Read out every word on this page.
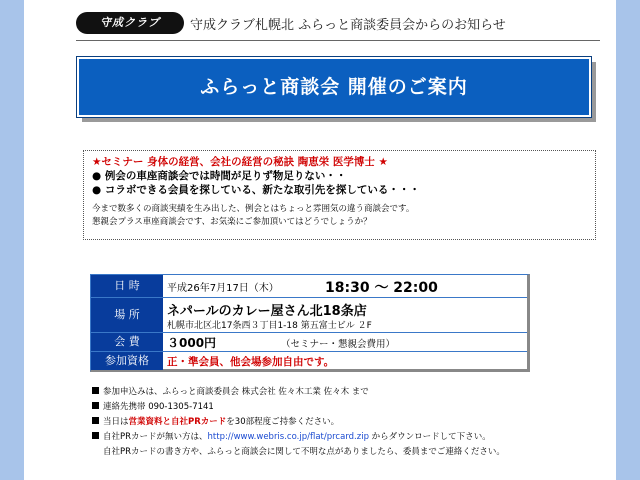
守成クラブ	守成クラブ札幌北 ふらっと商談委員会からのお知らせ
ふらっと商談会 開催のご案内
★セミナー 身体の経営、会社の経営の秘訣 陶恵栄 医学博士 ★
● 例会の車座商談会では時間が足りず物足りない・・
● コラボできる会員を探している、新たな取引先を探している・・・
今まで数多くの商談実績を生み出した、例会とはちょっと雰囲気の違う商談会です。
懇親会プラス車座商談会です、お気楽にご参加頂いてはどうでしょうか？
日 時	平成26年7月17日（木）	18:30 〜 22:00
場 所	ネパールのカレー屋さん北18条店
札幌市北区北17条西３丁目1-18 第五富士ビル ２F
会 費	３000円	（セミナー・懇親会費用）
参加資格	正・準会員、他会場参加自由です。
参加申込みは、ふらっと商談委員会 株式会社 佐々木工業 佐々木 まで
連絡先携帯 090-1305-7141
当日は営業資料と自社PRカードを30部程度ご持参ください。
自社PRカードが無い方は、http://www.webris.co.jp/flat/prcard.zip からダウンロードして下さい。
自社PRカードの書き方や、ふらっと商談会に関して不明な点がありましたら、委員までご連絡ください。
